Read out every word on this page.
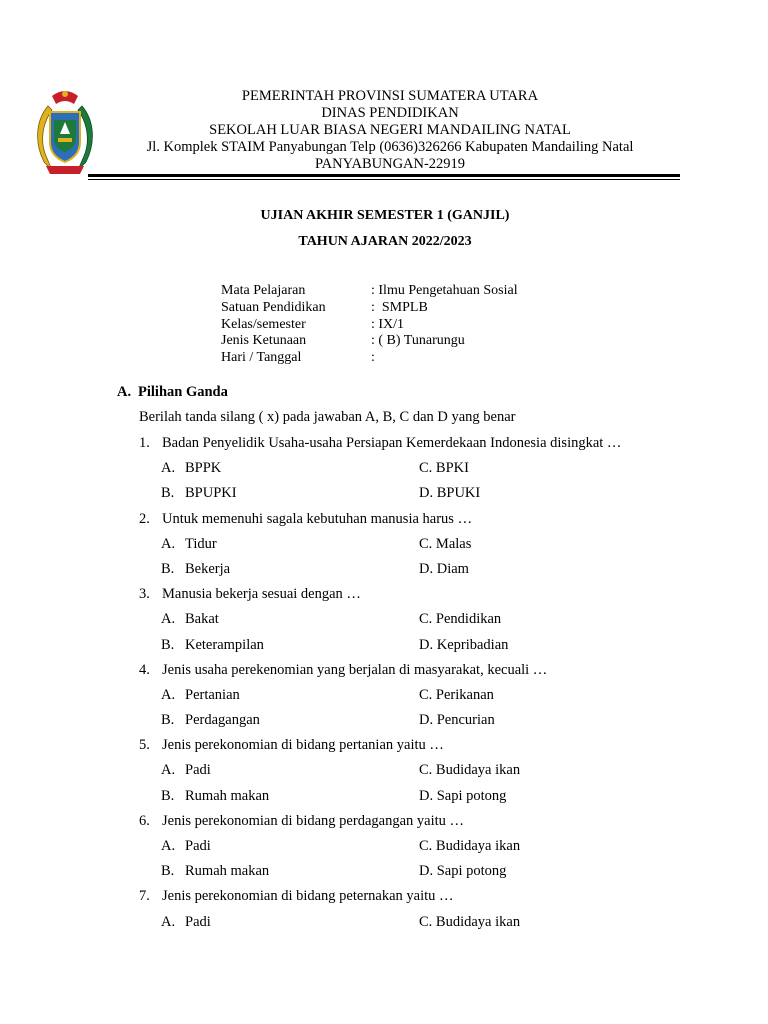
PEMERINTAH PROVINSI SUMATERA UTARA
DINAS PENDIDIKAN
SEKOLAH LUAR BIASA NEGERI MANDAILING NATAL
Jl. Komplek STAIM Panyabungan Telp (0636)326266 Kabupaten Mandailing Natal
PANYABUNGAN-22919
UJIAN AKHIR SEMESTER 1 (GANJIL)
TAHUN AJARAN 2022/2023
Mata Pelajaran	: Ilmu Pengetahuan Sosial
Satuan Pendidikan	:  SMPLB
Kelas/semester	: IX/1
Jenis Ketunaan	: ( B) Tunarungu
Hari / Tanggal	:
A. Pilihan Ganda
Berilah tanda silang ( x) pada jawaban A, B, C dan D yang benar
1. Badan Penyelidik Usaha-usaha Persiapan Kemerdekaan Indonesia disingkat …
A. BPPK	C. BPKI
B. BPUPKI	D. BPUKI
2. Untuk memenuhi sagala kebutuhan manusia harus …
A. Tidur	C. Malas
B. Bekerja	D. Diam
3. Manusia bekerja sesuai dengan …
A. Bakat	C. Pendidikan
B. Keterampilan	D. Kepribadian
4. Jenis usaha perekenomian yang berjalan di masyarakat, kecuali …
A. Pertanian	C. Perikanan
B. Perdagangan	D. Pencurian
5. Jenis perekonomian di bidang pertanian yaitu …
A. Padi	C. Budidaya ikan
B. Rumah makan	D. Sapi potong
6. Jenis perekonomian di bidang perdagangan yaitu …
A. Padi	C. Budidaya ikan
B. Rumah makan	D. Sapi potong
7. Jenis perekonomian di bidang peternakan yaitu …
A. Padi	C. Budidaya ikan
